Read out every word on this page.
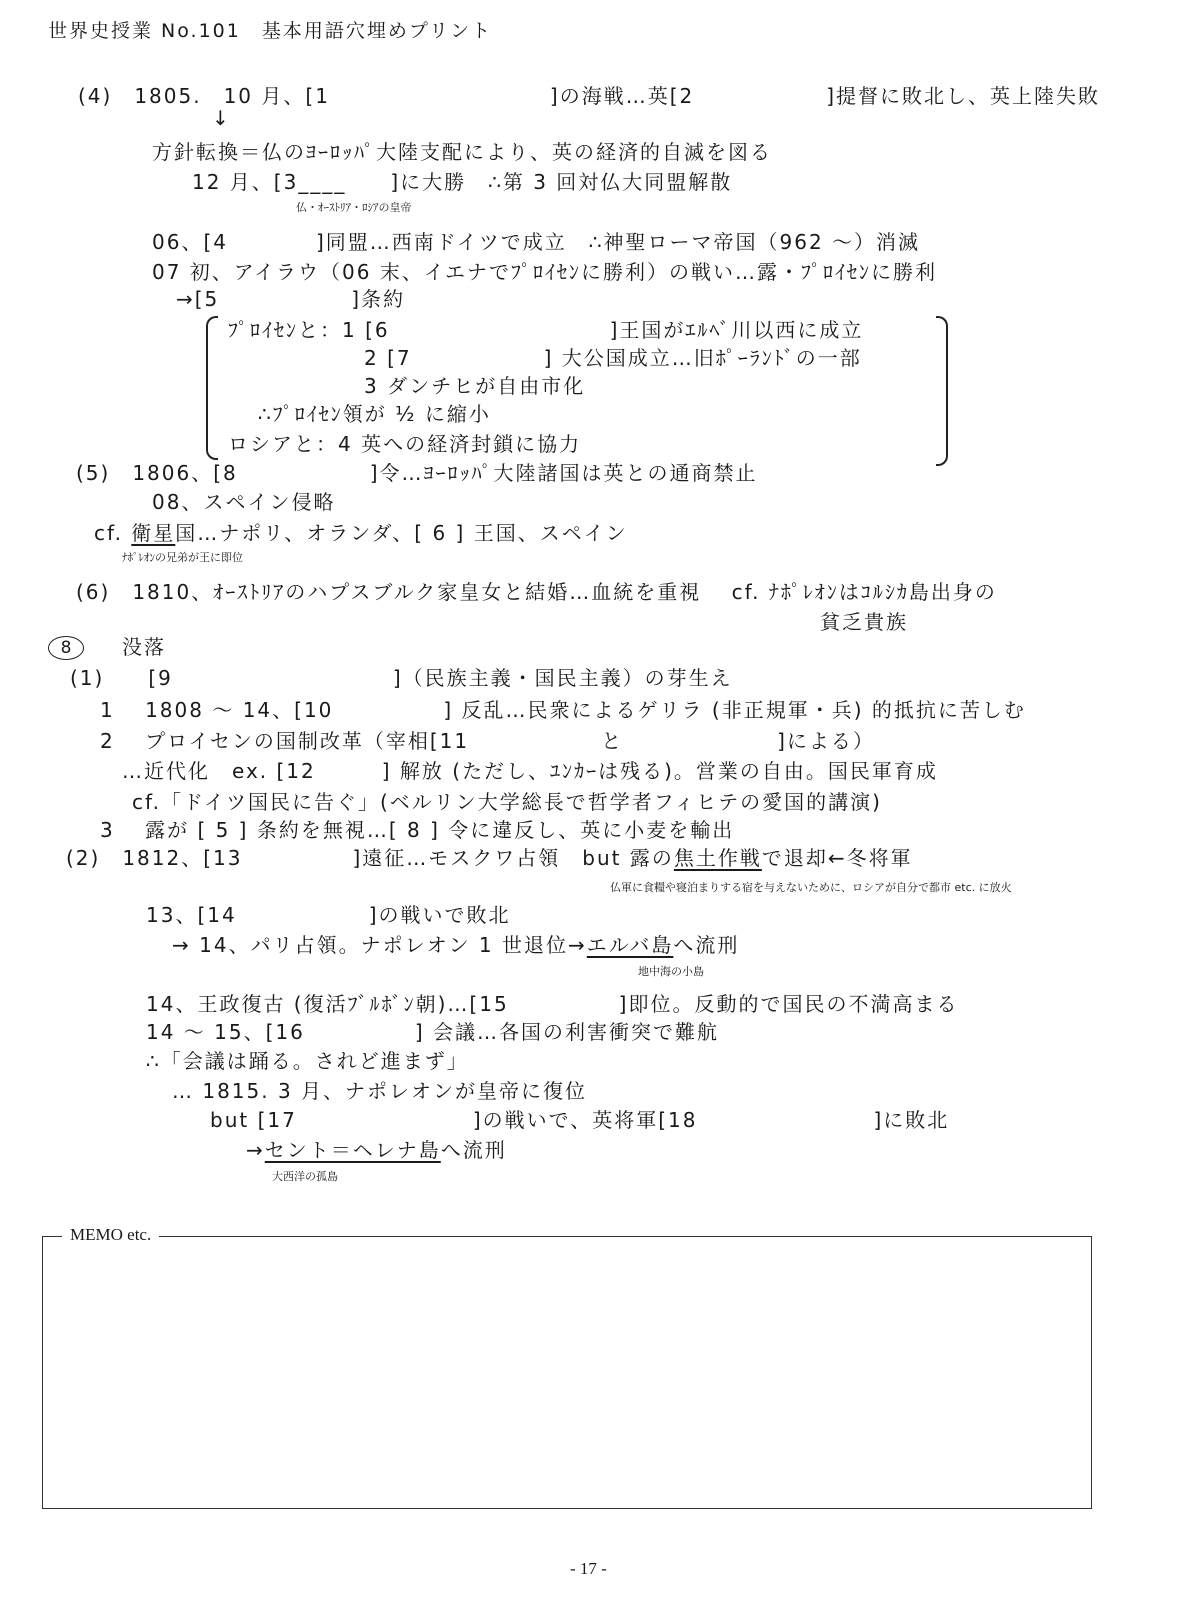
世界史授業 No.101　基本用語穴埋めプリント
(4)　1805.　10 月、[1　　　　　　　　　　]の海戦…英[2　　　　　　]提督に敗北し、英上陸失敗
↓
方針転換＝仏のﾖｰﾛｯﾊﾟ大陸支配により、英の経済的自滅を図る
12 月、[3____　　]に大勝　∴第 3 回対仏大同盟解散
仏・ｵｰｽﾄﾘｱ・ﾛｼｱの皇帝
06、[4　　　　]同盟…西南ドイツで成立　∴神聖ローマ帝国（962 ～）消滅
07 初、アイラウ（06 末、イエナでﾌﾟﾛｲｾﾝに勝利）の戦い…露・ﾌﾟﾛｲｾﾝに勝利
→[5　　　　　　]条約
ﾌﾟﾛｲｾﾝと：1 [6　　　　　　　　　　]王国がｴﾙﾍﾞ川以西に成立
2 [7　　　　　　] 大公国成立…旧ﾎﾟｰﾗﾝﾄﾞの一部
3 ダンチヒが自由市化
∴ﾌﾟﾛｲｾﾝ領が ½ に縮小
ロシアと：4 英への経済封鎖に協力
(5)　1806、[8　　　　　　]令…ﾖｰﾛｯﾊﾟ大陸諸国は英との通商禁止
08、スペイン侵略
cf. 衛星国…ナポリ、オランダ、[ 6 ] 王国、スペイン
ﾅﾎﾟﾚｵﾝの兄弟が王に即位
(6)　1810、ｵｰｽﾄﾘｱのハプスブルク家皇女と結婚…血統を重視　 cf. ﾅﾎﾟﾚｵﾝはｺﾙｼｶ島出身の
貧乏貴族
8	没落
(1)　　[9　　　　　　　　　　]（民族主義・国民主義）の芽生え
1　 1808 ～ 14、[10　　　　　] 反乱…民衆によるゲリラ (非正規軍・兵) 的抵抗に苦しむ
2　 プロイセンの国制改革（宰相[11　　　　　　と　　　　　　　]による）
…近代化　ex. [12　　　] 解放 (ただし、ﾕﾝｶｰは残る)。営業の自由。国民軍育成
cf.「ドイツ国民に告ぐ」(ベルリン大学総長で哲学者フィヒテの愛国的講演)
3　 露が [ 5 ] 条約を無視…[ 8 ] 令に違反し、英に小麦を輸出
(2)　1812、[13　　　　　]遠征…モスクワ占領　but 露の焦土作戦で退却←冬将軍
仏軍に食糧や寝泊まりする宿を与えないために、ロシアが自分で都市 etc. に放火
13、[14　　　　　　]の戦いで敗北
→ 14、パリ占領。ナポレオン 1 世退位→エルバ島へ流刑
地中海の小島
14、王政復古 (復活ﾌﾞﾙﾎﾞﾝ朝)…[15　　　　　]即位。反動的で国民の不満高まる
14 ～ 15、[16　　　　　] 会議…各国の利害衝突で難航
∴「会議は踊る。されど進まず」
… 1815. 3 月、ナポレオンが皇帝に復位
but [17　　　　　　　　]の戦いで、英将軍[18　　　　　　　　]に敗北
→セント＝ヘレナ島へ流刑
大西洋の孤島
MEMO etc.
- 17 -
